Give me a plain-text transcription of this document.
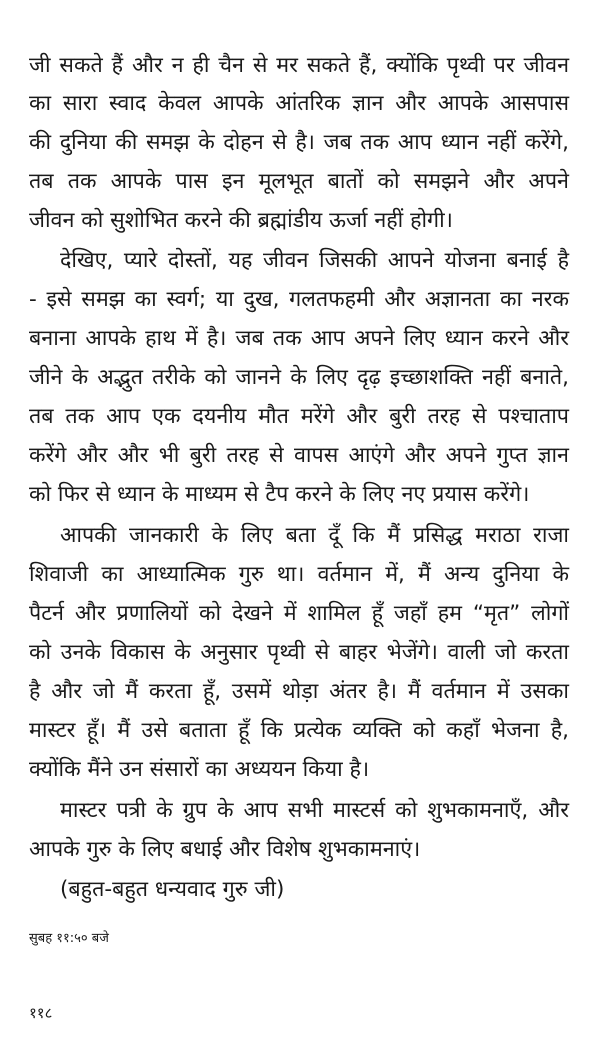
जी सकते हैं और न ही चैन से मर सकते हैं, क्योंकि पृथ्वी पर जीवन
का सारा स्वाद केवल आपके आंतरिक ज्ञान और आपके आसपास
की दुनिया की समझ के दोहन से है। जब तक आप ध्यान नहीं करेंगे,
तब तक आपके पास इन मूलभूत बातों को समझने और अपने
जीवन को सुशोभित करने की ब्रह्मांडीय ऊर्जा नहीं होगी।
देखिए, प्यारे दोस्तों, यह जीवन जिसकी आपने योजना बनाई है
- इसे समझ का स्वर्ग; या दुख, गलतफहमी और अज्ञानता का नरक
बनाना आपके हाथ में है। जब तक आप अपने लिए ध्यान करने और
जीने के अद्भुत तरीके को जानने के लिए दृढ़ इच्छाशक्ति नहीं बनाते,
तब तक आप एक दयनीय मौत मरेंगे और बुरी तरह से पश्चाताप
करेंगे और और भी बुरी तरह से वापस आएंगे और अपने गुप्त ज्ञान
को फिर से ध्यान के माध्यम से टैप करने के लिए नए प्रयास करेंगे।
आपकी जानकारी के लिए बता दूँ कि मैं प्रसिद्ध मराठा राजा
शिवाजी का आध्यात्मिक गुरु था। वर्तमान में, मैं अन्य दुनिया के
पैटर्न और प्रणालियों को देखने में शामिल हूँ जहाँ हम “मृत” लोगों
को उनके विकास के अनुसार पृथ्वी से बाहर भेजेंगे। वाली जो करता
है और जो मैं करता हूँ, उसमें थोड़ा अंतर है। मैं वर्तमान में उसका
मास्टर हूँ। मैं उसे बताता हूँ कि प्रत्येक व्यक्ति को कहाँ भेजना है,
क्योंकि मैंने उन संसारों का अध्ययन किया है।
मास्टर पत्री के ग्रुप के आप सभी मास्टर्स को शुभकामनाएँ, और
आपके गुरु के लिए बधाई और विशेष शुभकामनाएं।
(बहुत-बहुत धन्यवाद गुरु जी)
सुबह ११:५० बजे
११८
